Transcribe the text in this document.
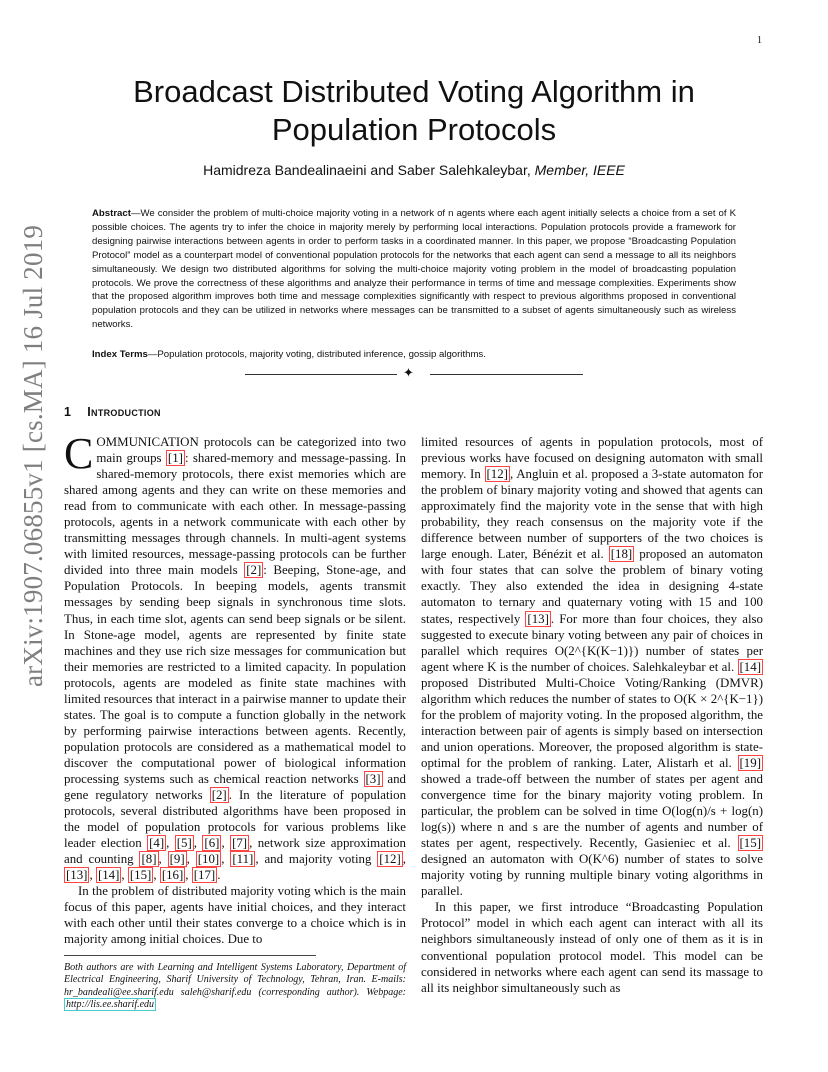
1
arXiv:1907.06855v1 [cs.MA] 16 Jul 2019
Broadcast Distributed Voting Algorithm in Population Protocols
Hamidreza Bandealinaeini and Saber Salehkaleybar, Member, IEEE
Abstract—We consider the problem of multi-choice majority voting in a network of n agents where each agent initially selects a choice from a set of K possible choices. The agents try to infer the choice in majority merely by performing local interactions. Population protocols provide a framework for designing pairwise interactions between agents in order to perform tasks in a coordinated manner. In this paper, we propose “Broadcasting Population Protocol” model as a counterpart model of conventional population protocols for the networks that each agent can send a message to all its neighbors simultaneously. We design two distributed algorithms for solving the multi-choice majority voting problem in the model of broadcasting population protocols. We prove the correctness of these algorithms and analyze their performance in terms of time and message complexities. Experiments show that the proposed algorithm improves both time and message complexities significantly with respect to previous algorithms proposed in conventional population protocols and they can be utilized in networks where messages can be transmitted to a subset of agents simultaneously such as wireless networks.
Index Terms—Population protocols, majority voting, distributed inference, gossip algorithms.
✦
1 Introduction

COMMUNICATION protocols can be categorized into two main groups [1] : shared-memory and message-passing. In shared-memory protocols, there exist memories which are shared among agents and they can write on these memories and read from to communicate with each other. In message-passing protocols, agents in a network communicate with each other by transmitting messages through channels. In multi-agent systems with limited resources, message-passing protocols can be further divided into three main models [2] : Beeping, Stone-age, and Population Protocols. In beeping models, agents transmit messages by sending beep signals in synchronous time slots. Thus, in each time slot, agents can send beep signals or be silent. In Stone-age model, agents are represented by finite state machines and they use rich size messages for communication but their memories are restricted to a limited capacity. In population protocols, agents are modeled as finite state machines with limited resources that interact in a pairwise manner to update their states. The goal is to compute a function globally in the network by performing pairwise interactions between agents. Recently, population protocols are considered as a mathematical model to discover the computational power of biological information processing systems such as chemical reaction networks [3] and gene regulatory networks [2] . In the literature of population protocols, several distributed algorithms have been proposed in the model of population protocols for various problems like leader election [4] , [5] , [6] , [7] , network size approximation and counting [8] , [9] , [10] , [11] , and majority voting [12] , [13] , [14] , [15] , [16] , [17] .

In the problem of distributed majority voting which is the main focus of this paper, agents have initial choices, and they interact with each other until their states converge to a choice which is in majority among initial choices. Due to

limited resources of agents in population protocols, most of previous works have focused on designing automaton with small memory. In [12] , Angluin et al. proposed a 3-state automaton for the problem of binary majority voting and showed that agents can approximately find the majority vote in the sense that with high probability, they reach consensus on the majority vote if the difference between number of supporters of the two choices is large enough. Later, Bénézit et al. [18] proposed an automaton with four states that can solve the problem of binary voting exactly. They also extended the idea in designing 4-state automaton to ternary and quaternary voting with 15 and 100 states, respectively [13] . For more than four choices, they also suggested to execute binary voting between any pair of choices in parallel which requires O(2^{K(K−1)}) number of states per agent where K is the number of choices. Salehkaleybar et al. [14] proposed Distributed Multi-Choice Voting/Ranking (DMVR) algorithm which reduces the number of states to O(K × 2^{K−1}) for the problem of majority voting. In the proposed algorithm, the interaction between pair of agents is simply based on intersection and union operations. Moreover, the proposed algorithm is state-optimal for the problem of ranking. Later, Alistarh et al. [19] showed a trade-off between the number of states per agent and convergence time for the binary majority voting problem. In particular, the problem can be solved in time O(log(n)/s + log(n) log(s)) where n and s are the number of agents and number of states per agent, respectively. Recently, Gasieniec et al. [15] designed an automaton with O(K^6) number of states to solve majority voting by running multiple binary voting algorithms in parallel.

In this paper, we first introduce “Broadcasting Population Protocol” model in which each agent can interact with all its neighbors simultaneously instead of only one of them as it is in conventional population protocol model. This model can be considered in networks where each agent can send its massage to all its neighbor simultaneously such as

Both authors are with Learning and Intelligent Systems Laboratory, Department of Electrical Engineering, Sharif University of Technology, Tehran, Iran. E-mails: hr_bandeali@ee.sharif.edu saleh@sharif.edu (corresponding author). Webpage: http://lis.ee.sharif.edu
